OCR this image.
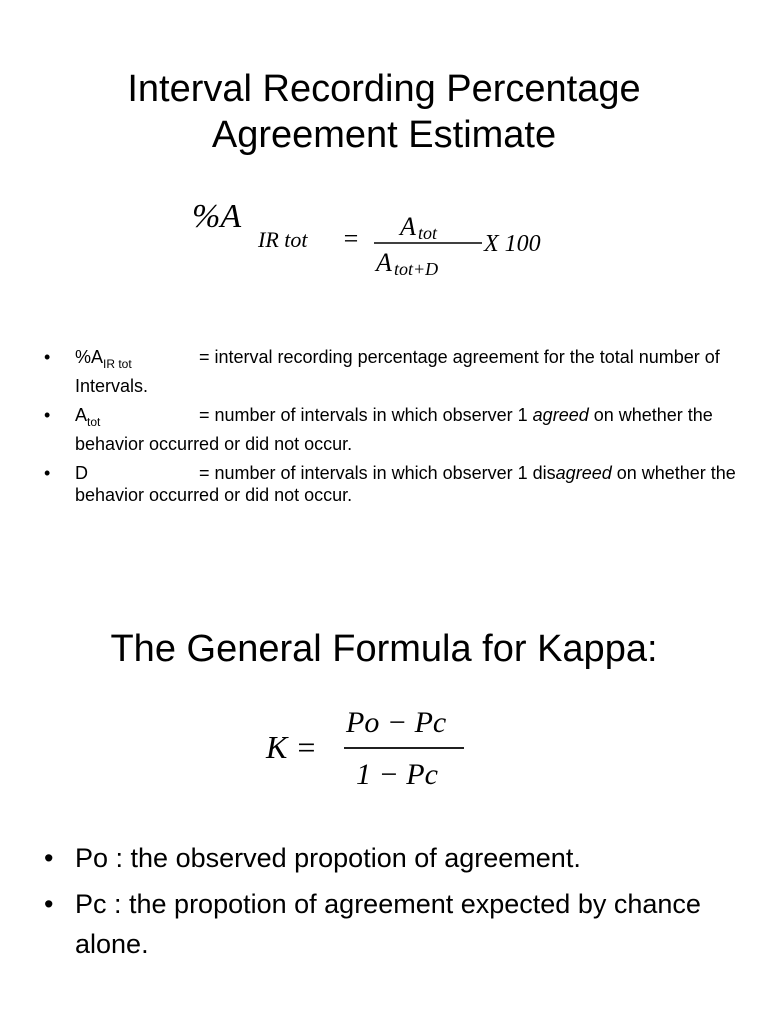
Interval Recording Percentage
Agreement Estimate
%A
IR tot = A tot
A tot+D
X 100
• $\%A_{IR tot}$	= interval recording percentage agreement for the total number of Intervals.
• $A_{tot}$	= number of intervals in which observer 1 agreed on whether the behavior occurred or did not occur.
• D	= number of intervals in which observer 1 disagreed on whether the behavior occurred or did not occur.
The General Formula for Kappa:
K =
Po − Pc
1 − Pc
• Po : the observed propotion of agreement.
• Pc : the propotion of agreement expected by chance alone.
